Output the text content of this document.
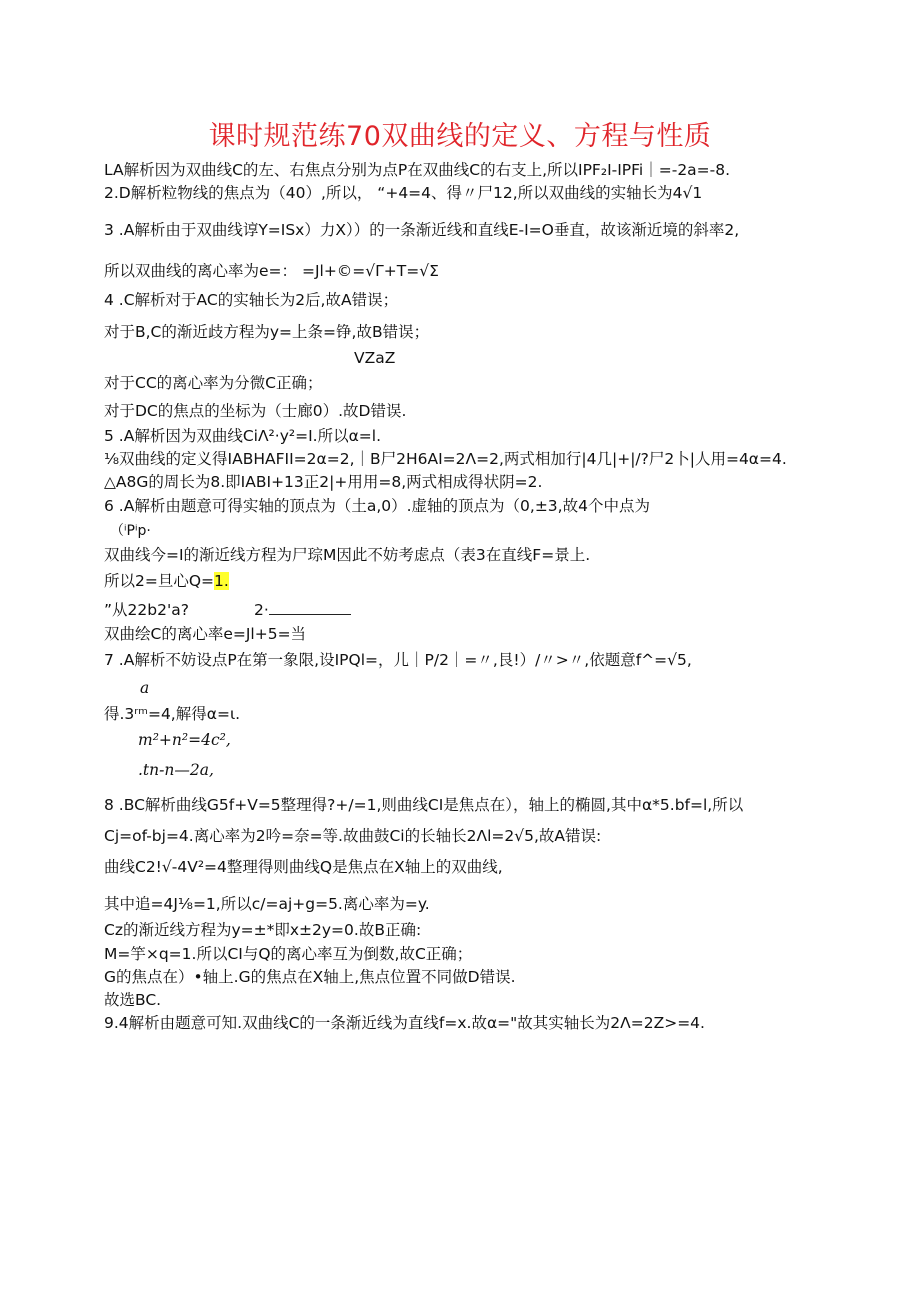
课时规范练70双曲线的定义、方程与性质
LA解析因为双曲线C的左、右焦点分别为点P在双曲线C的右支上,所以IPF₂I-IPFi｜=-2a=-8.
2.D解析粒物线的焦点为（40）,所以， “+4=4、得〃尸12,所以双曲线的实轴长为4√1
3 .A解析由于双曲线谆Y=ISx）力X））的一条渐近线和直线E-I=O垂直，故该渐近境的斜率2,
所以双曲线的离心率为e=： =Jl+©=√Γ+T=√Σ
4 .C解析对于AC的实轴长为2后,故A错误；
对于B,C的渐近歧方程为y=上条=铮,故B错误；
VZaZ
对于CC的离心率为分微C正确；
对于DC的焦点的坐标为（士廊0）.故D错误.
5 .A解析因为双曲线CiΛ²·y²=I.所以α=l.
⅛双曲线的定义得IABHAFII=2α=2,｜B尸2H6AI=2Λ=2,两式相加行|4几|+|/?尸2卜|人用=4α=4.
△A8G的周长为8.即IABI+13正2|+用用=8,两式相成得状阴=2.
6 .A解析由题意可得实轴的顶点为（土a,0）.虚轴的顶点为（0,±3,故4个中点为
（ⁱPⁱp·
双曲线今=I的渐近线方程为尸琮M因此不妨考虑点（表3在直线F=景上.
所以2=旦心Q=1.
”从22b2'a?	2·
双曲绘C的离心率e=Jl+5=当
7 .A解析不妨设点P在第一象限,设IPQl=，儿｜P/2｜=〃,艮!）/〃>〃,依题意f^=√5,
a
得.3ʳᵐ=4,解得α=ι.
m²+n²=4c²,
.tn-n—2a,
8 .BC解析曲线G5f+V=5整理得?+/=1,则曲线CI是焦点在），轴上的椭圆,其中α*5.bf=l,所以
Cj=of-bj=4.离心率为2吟=奈=等.故曲鼓Ci的长轴长2Λl=2√5,故A错误:
曲线C2!√-4V²=4整理得则曲线Q是焦点在X轴上的双曲线,
其中追=4J⅛=1,所以c/=aj+g=5.离心率为=y.
Cz的渐近线方程为y=±*即x±2y=0.故B正确:
M=竽×q=1.所以CI与Q的离心率互为倒数,故C正确；
G的焦点在）•轴上.G的焦点在X轴上,焦点位置不同做D错误.
故选BC.
9.4解析由题意可知.双曲线C的一条渐近线为直线f=x.故α="故其实轴长为2Λ=2Z>=4.
